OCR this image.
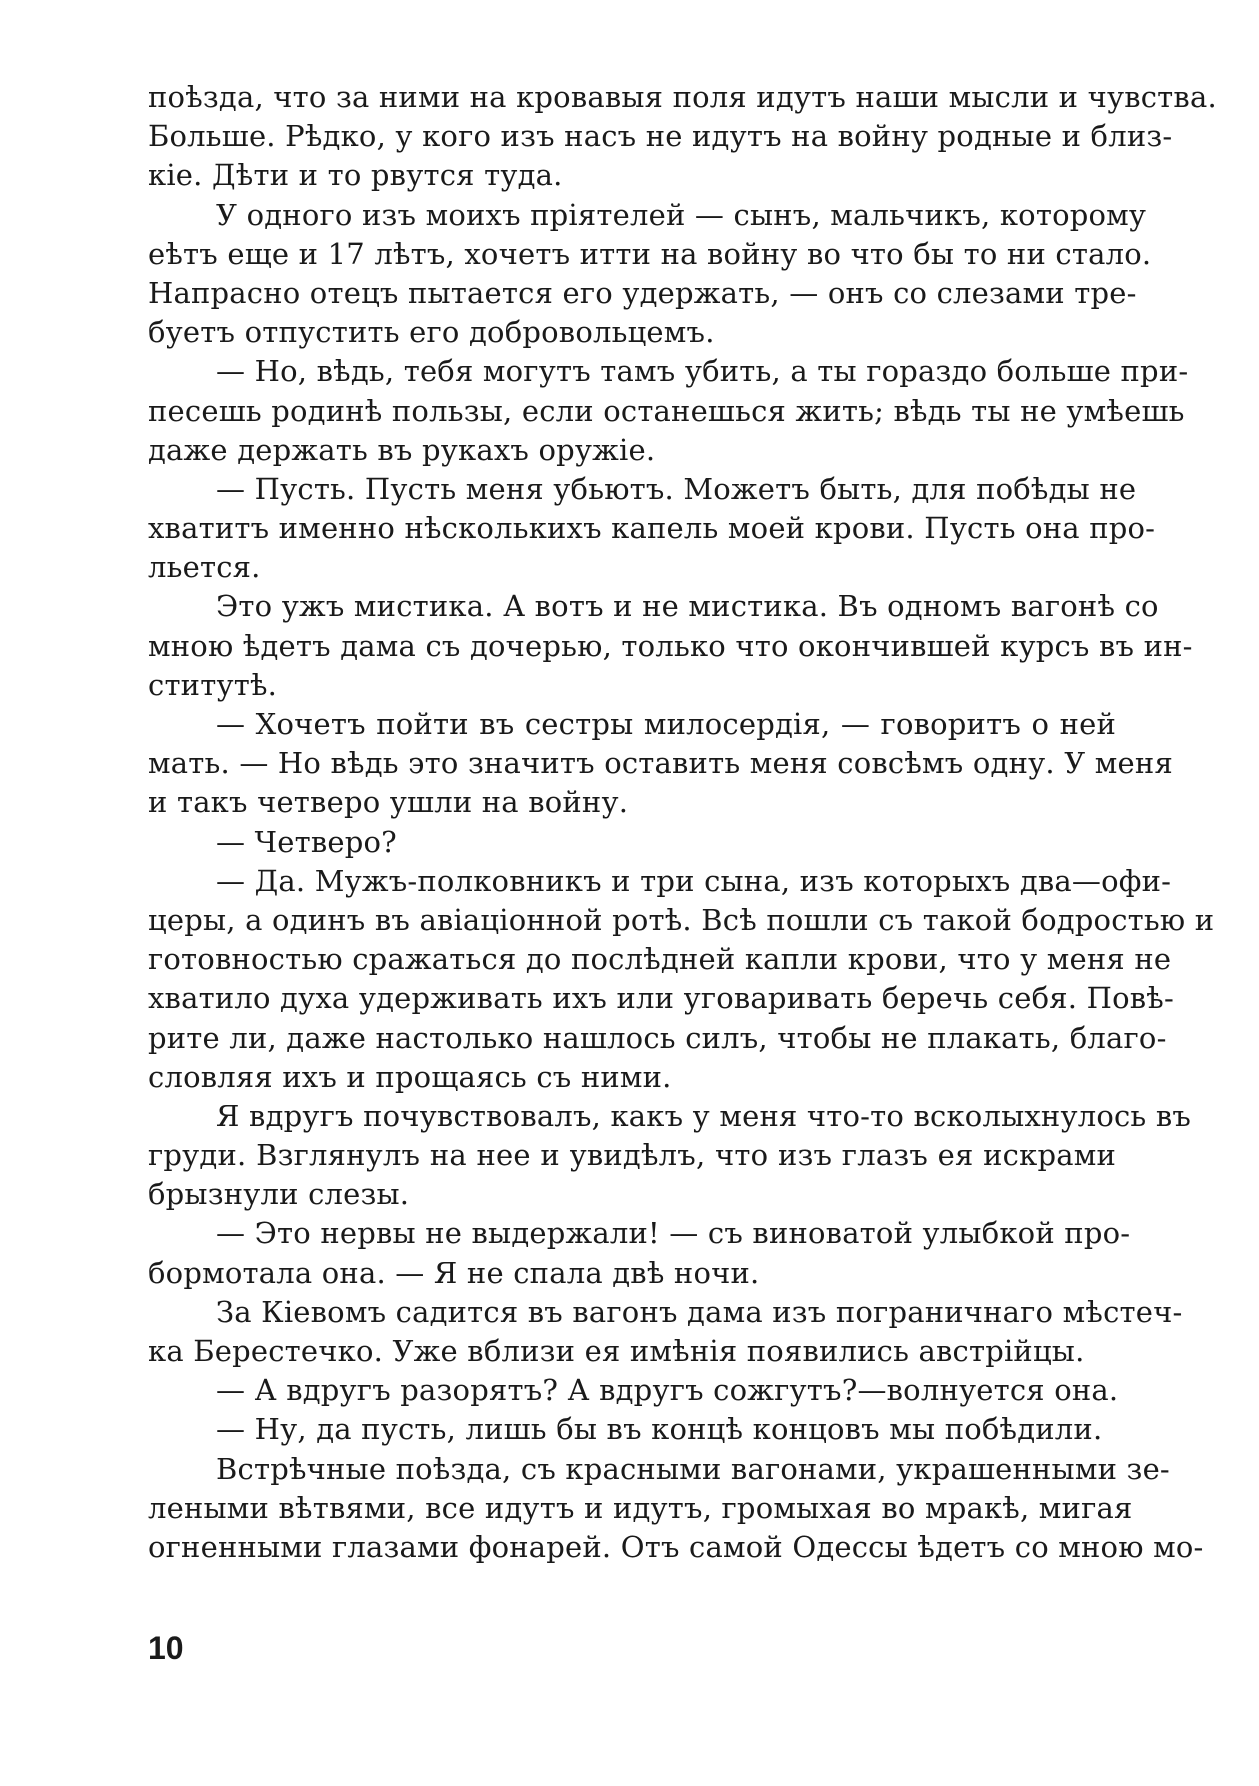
поѣзда, что за ними на кровавыя поля идутъ наши мысли и чувства.
Больше. Рѣдко, у кого изъ насъ не идутъ на войну родные и близ-
кіе. Дѣти и то рвутся туда.
У одного изъ моихъ пріятелей — сынъ, мальчикъ, которому
еѣтъ еще и 17 лѣтъ, хочетъ итти на войну во что бы то ни стало.
Напрасно отецъ пытается его удержать, — онъ со слезами тре-
буетъ отпустить его добровольцемъ.
— Но, вѣдь, тебя могутъ тамъ убить, а ты гораздо больше при-
песешь родинѣ пользы, если останешься жить; вѣдь ты не умѣешь
даже держать въ рукахъ оружіе.
— Пусть. Пусть меня убьютъ. Можетъ быть, для побѣды не
хватитъ именно нѣсколькихъ капель моей крови. Пусть она про-
льется.
Это ужъ мистика. А вотъ и не мистика. Въ одномъ вагонѣ со
мною ѣдетъ дама съ дочерью, только что окончившей курсъ въ ин-
ститутѣ.
— Хочетъ пойти въ сестры милосердія, — говоритъ о ней
мать. — Но вѣдь это значитъ оставить меня совсѣмъ одну. У меня
и такъ четверо ушли на войну.
— Четверо?
— Да. Мужъ-полковникъ и три сына, изъ которыхъ два—офи-
церы, а одинъ въ авіаціонной ротѣ. Всѣ пошли съ такой бодростью и
готовностью сражаться до послѣдней капли крови, что у меня не
хватило духа удерживать ихъ или уговаривать беречь себя. Повѣ-
рите ли, даже настолько нашлось силъ, чтобы не плакать, благо-
словляя ихъ и прощаясь съ ними.
Я вдругъ почувствовалъ, какъ у меня что-то всколыхнулось въ
груди. Взглянулъ на нее и увидѣлъ, что изъ глазъ ея искрами
брызнули слезы.
— Это нервы не выдержали! — съ виноватой улыбкой про-
бормотала она. — Я не спала двѣ ночи.
За Кіевомъ садится въ вагонъ дама изъ пограничнаго мѣстеч-
ка Берестечко. Уже вблизи ея имѣнія появились австрійцы.
— А вдругъ разорятъ? А вдругъ сожгутъ?—волнуется она.
— Ну, да пусть, лишь бы въ концѣ концовъ мы побѣдили.
Встрѣчные поѣзда, съ красными вагонами, украшенными зе-
леными вѣтвями, все идутъ и идутъ, громыхая во мракѣ, мигая
огненными глазами фонарей. Отъ самой Одессы ѣдетъ со мною мо-
10
